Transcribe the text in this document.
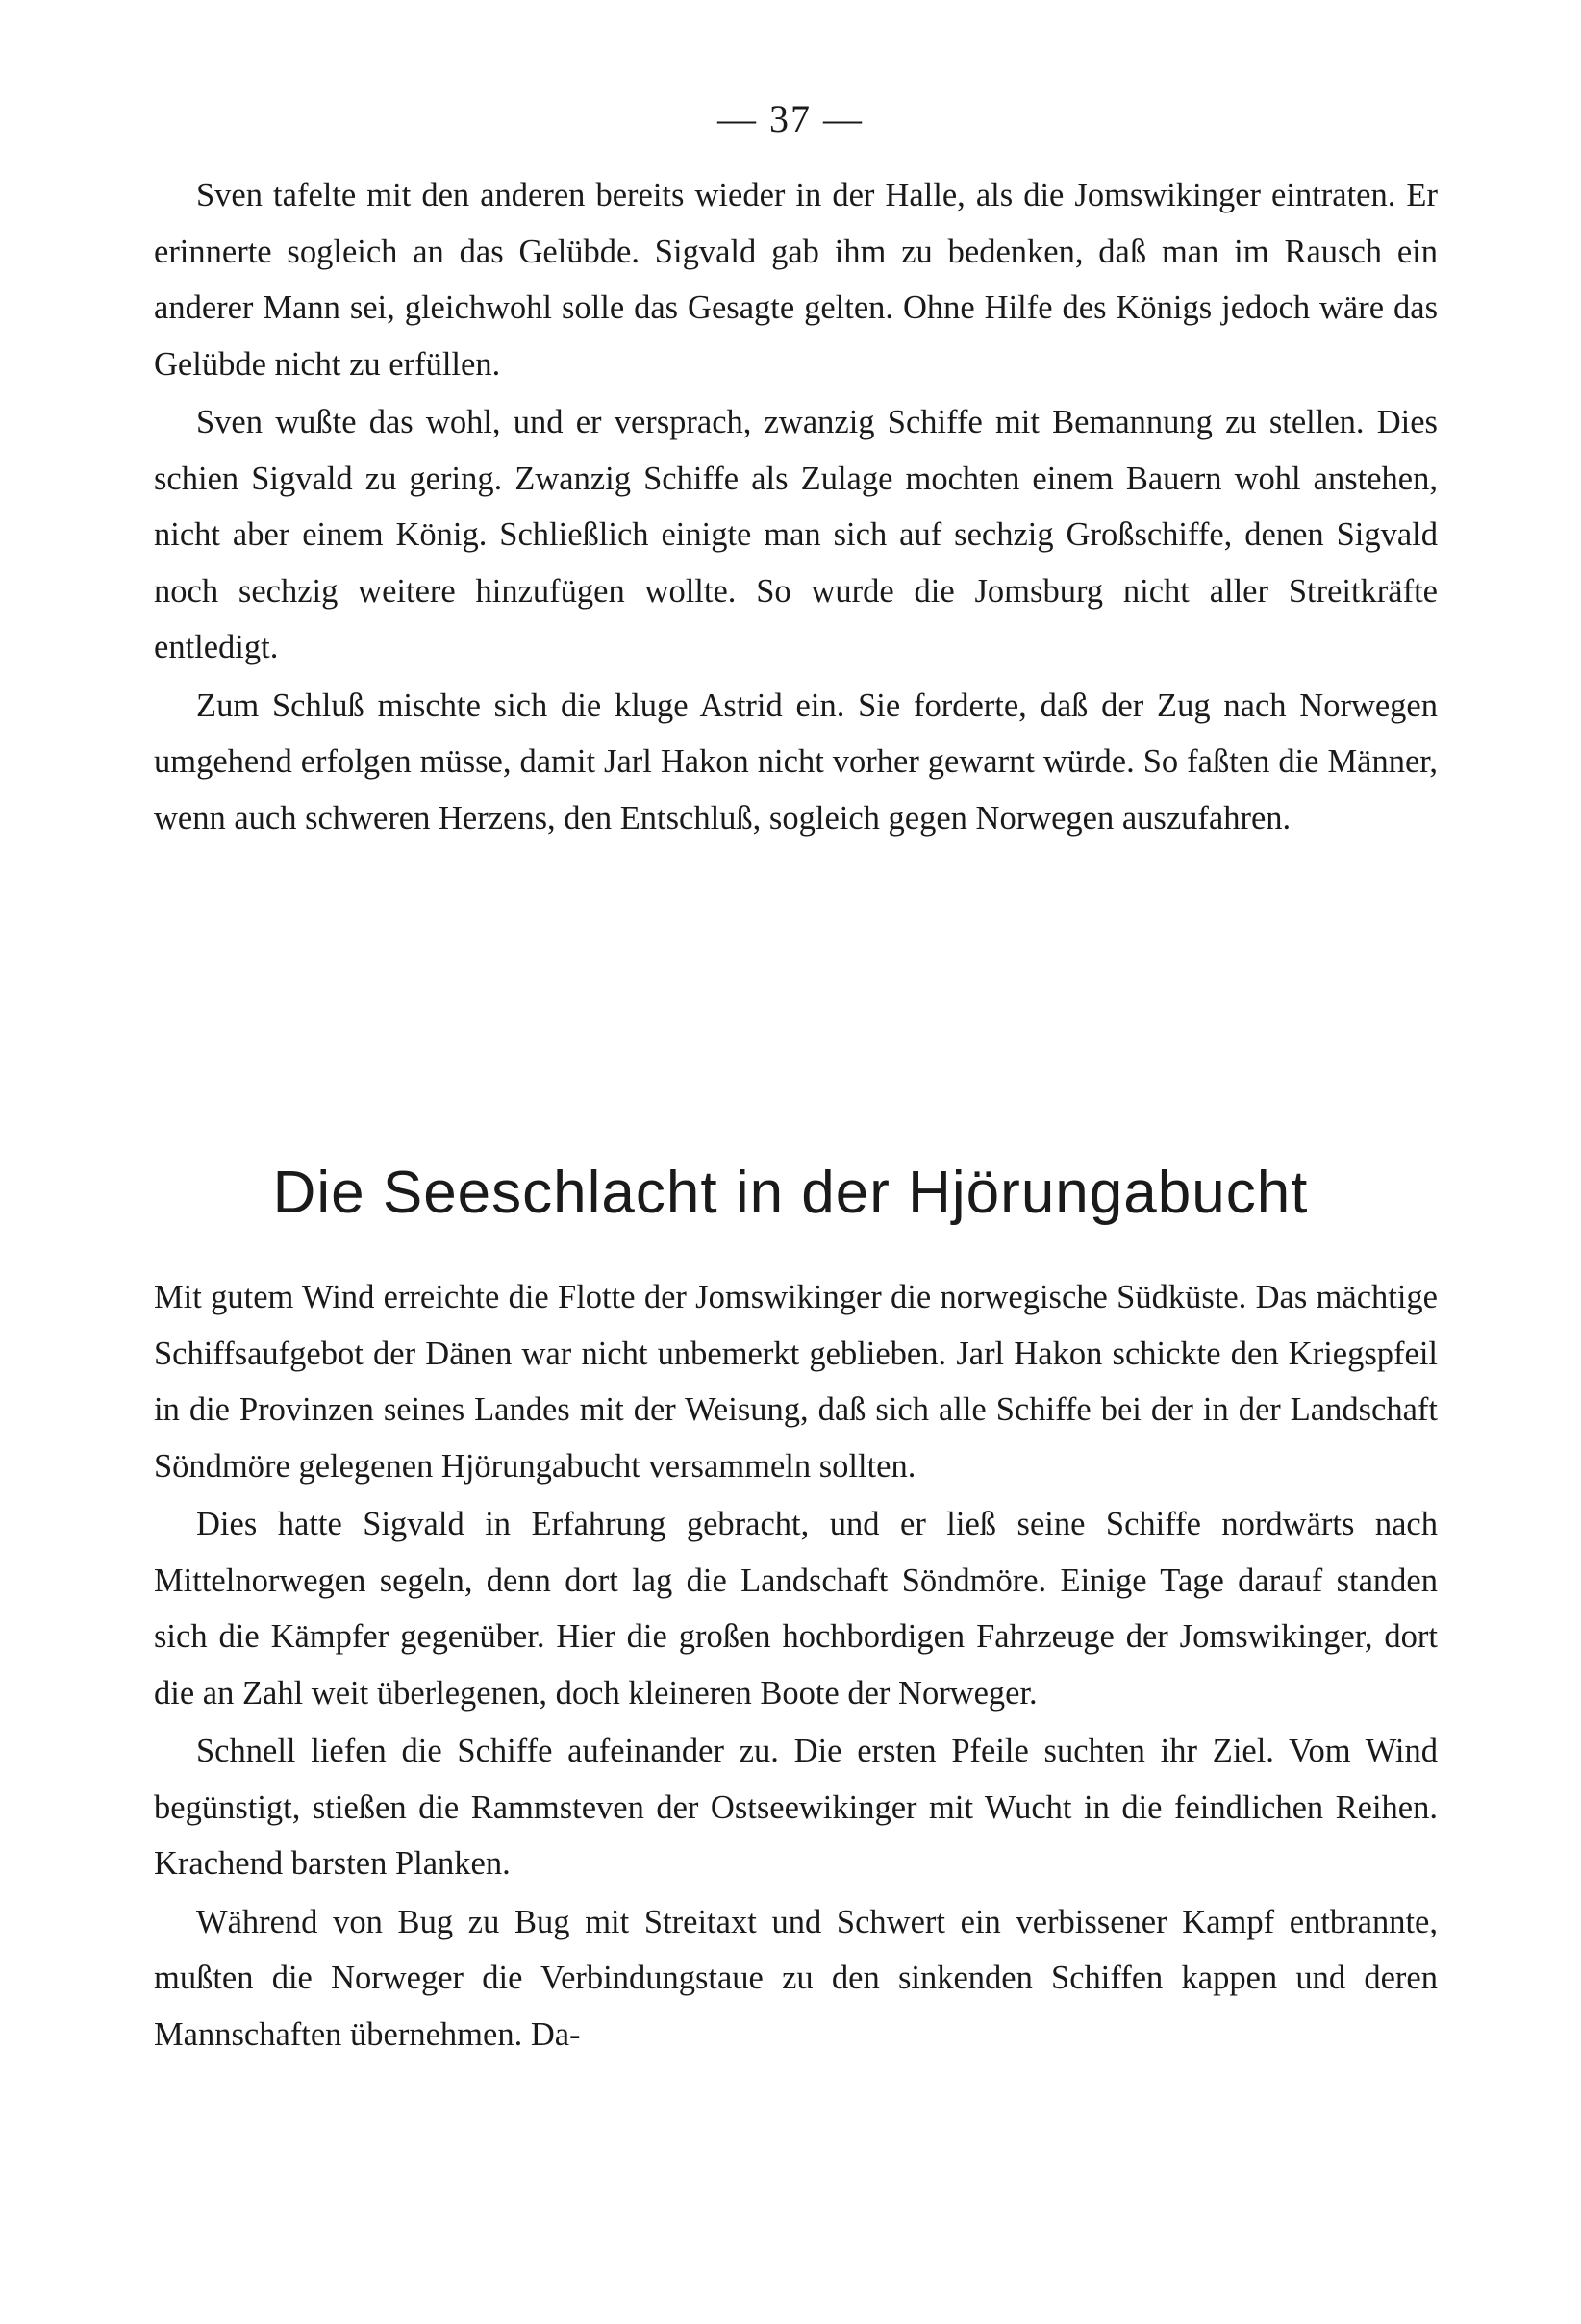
— 37 —

Sven tafelte mit den anderen bereits wieder in der Halle, als die Jomswikinger eintraten. Er erinnerte sogleich an das Gelübde. Sigvald gab ihm zu bedenken, daß man im Rausch ein anderer Mann sei, gleichwohl solle das Gesagte gelten. Ohne Hilfe des Königs jedoch wäre das Gelübde nicht zu erfüllen.

Sven wußte das wohl, und er versprach, zwanzig Schiffe mit Bemannung zu stellen. Dies schien Sigvald zu gering. Zwanzig Schiffe als Zulage mochten einem Bauern wohl anstehen, nicht aber einem König. Schließlich einigte man sich auf sechzig Großschiffe, denen Sigvald noch sechzig weitere hinzufügen wollte. So wurde die Jomsburg nicht aller Streitkräfte entledigt.

Zum Schluß mischte sich die kluge Astrid ein. Sie forderte, daß der Zug nach Norwegen umgehend erfolgen müsse, damit Jarl Hakon nicht vorher gewarnt würde. So faßten die Männer, wenn auch schweren Herzens, den Entschluß, sogleich gegen Norwegen auszufahren.

Die Seeschlacht in der Hjörungabucht

Mit gutem Wind erreichte die Flotte der Jomswikinger die norwegische Südküste. Das mächtige Schiffsaufgebot der Dänen war nicht unbemerkt geblieben. Jarl Hakon schickte den Kriegspfeil in die Provinzen seines Landes mit der Weisung, daß sich alle Schiffe bei der in der Landschaft Söndmöre gelegenen Hjörungabucht versammeln sollten.

Dies hatte Sigvald in Erfahrung gebracht, und er ließ seine Schiffe nordwärts nach Mittelnorwegen segeln, denn dort lag die Landschaft Söndmöre. Einige Tage darauf standen sich die Kämpfer gegenüber. Hier die großen hochbordigen Fahrzeuge der Jomswikinger, dort die an Zahl weit überlegenen, doch kleineren Boote der Norweger.

Schnell liefen die Schiffe aufeinander zu. Die ersten Pfeile suchten ihr Ziel. Vom Wind begünstigt, stießen die Rammsteven der Ostseewikinger mit Wucht in die feindlichen Reihen. Krachend barsten Planken.

Während von Bug zu Bug mit Streitaxt und Schwert ein verbissener Kampf entbrannte, mußten die Norweger die Verbindungstaue zu den sinkenden Schiffen kappen und deren Mannschaften übernehmen. Da-
